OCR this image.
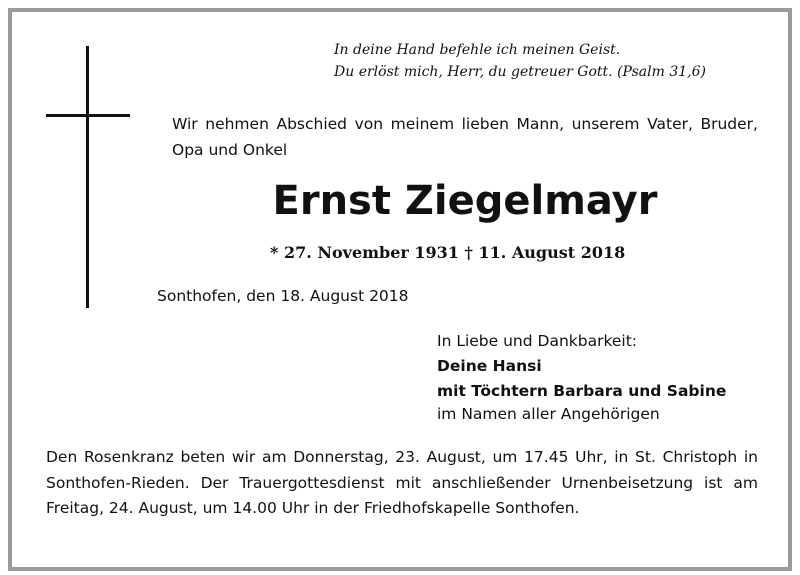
In deine Hand befehle ich meinen Geist.
Du erlöst mich, Herr, du getreuer Gott. (Psalm 31,6)
Wir nehmen Abschied von meinem lieben Mann, unserem Vater, Bruder, Opa und Onkel
Ernst Ziegelmayr
* 27. November 1931 † 11. August 2018
Sonthofen, den 18. August 2018
In Liebe und Dankbarkeit:
Deine Hansi
mit Töchtern Barbara und Sabine
im Namen aller Angehörigen
Den Rosenkranz beten wir am Donnerstag, 23. August, um 17.45 Uhr, in St. Christoph in Sonthofen-Rieden. Der Trauergottesdienst mit anschließender Urnenbeisetzung ist am Freitag, 24. August, um 14.00 Uhr in der Friedhofskapelle Sonthofen.
